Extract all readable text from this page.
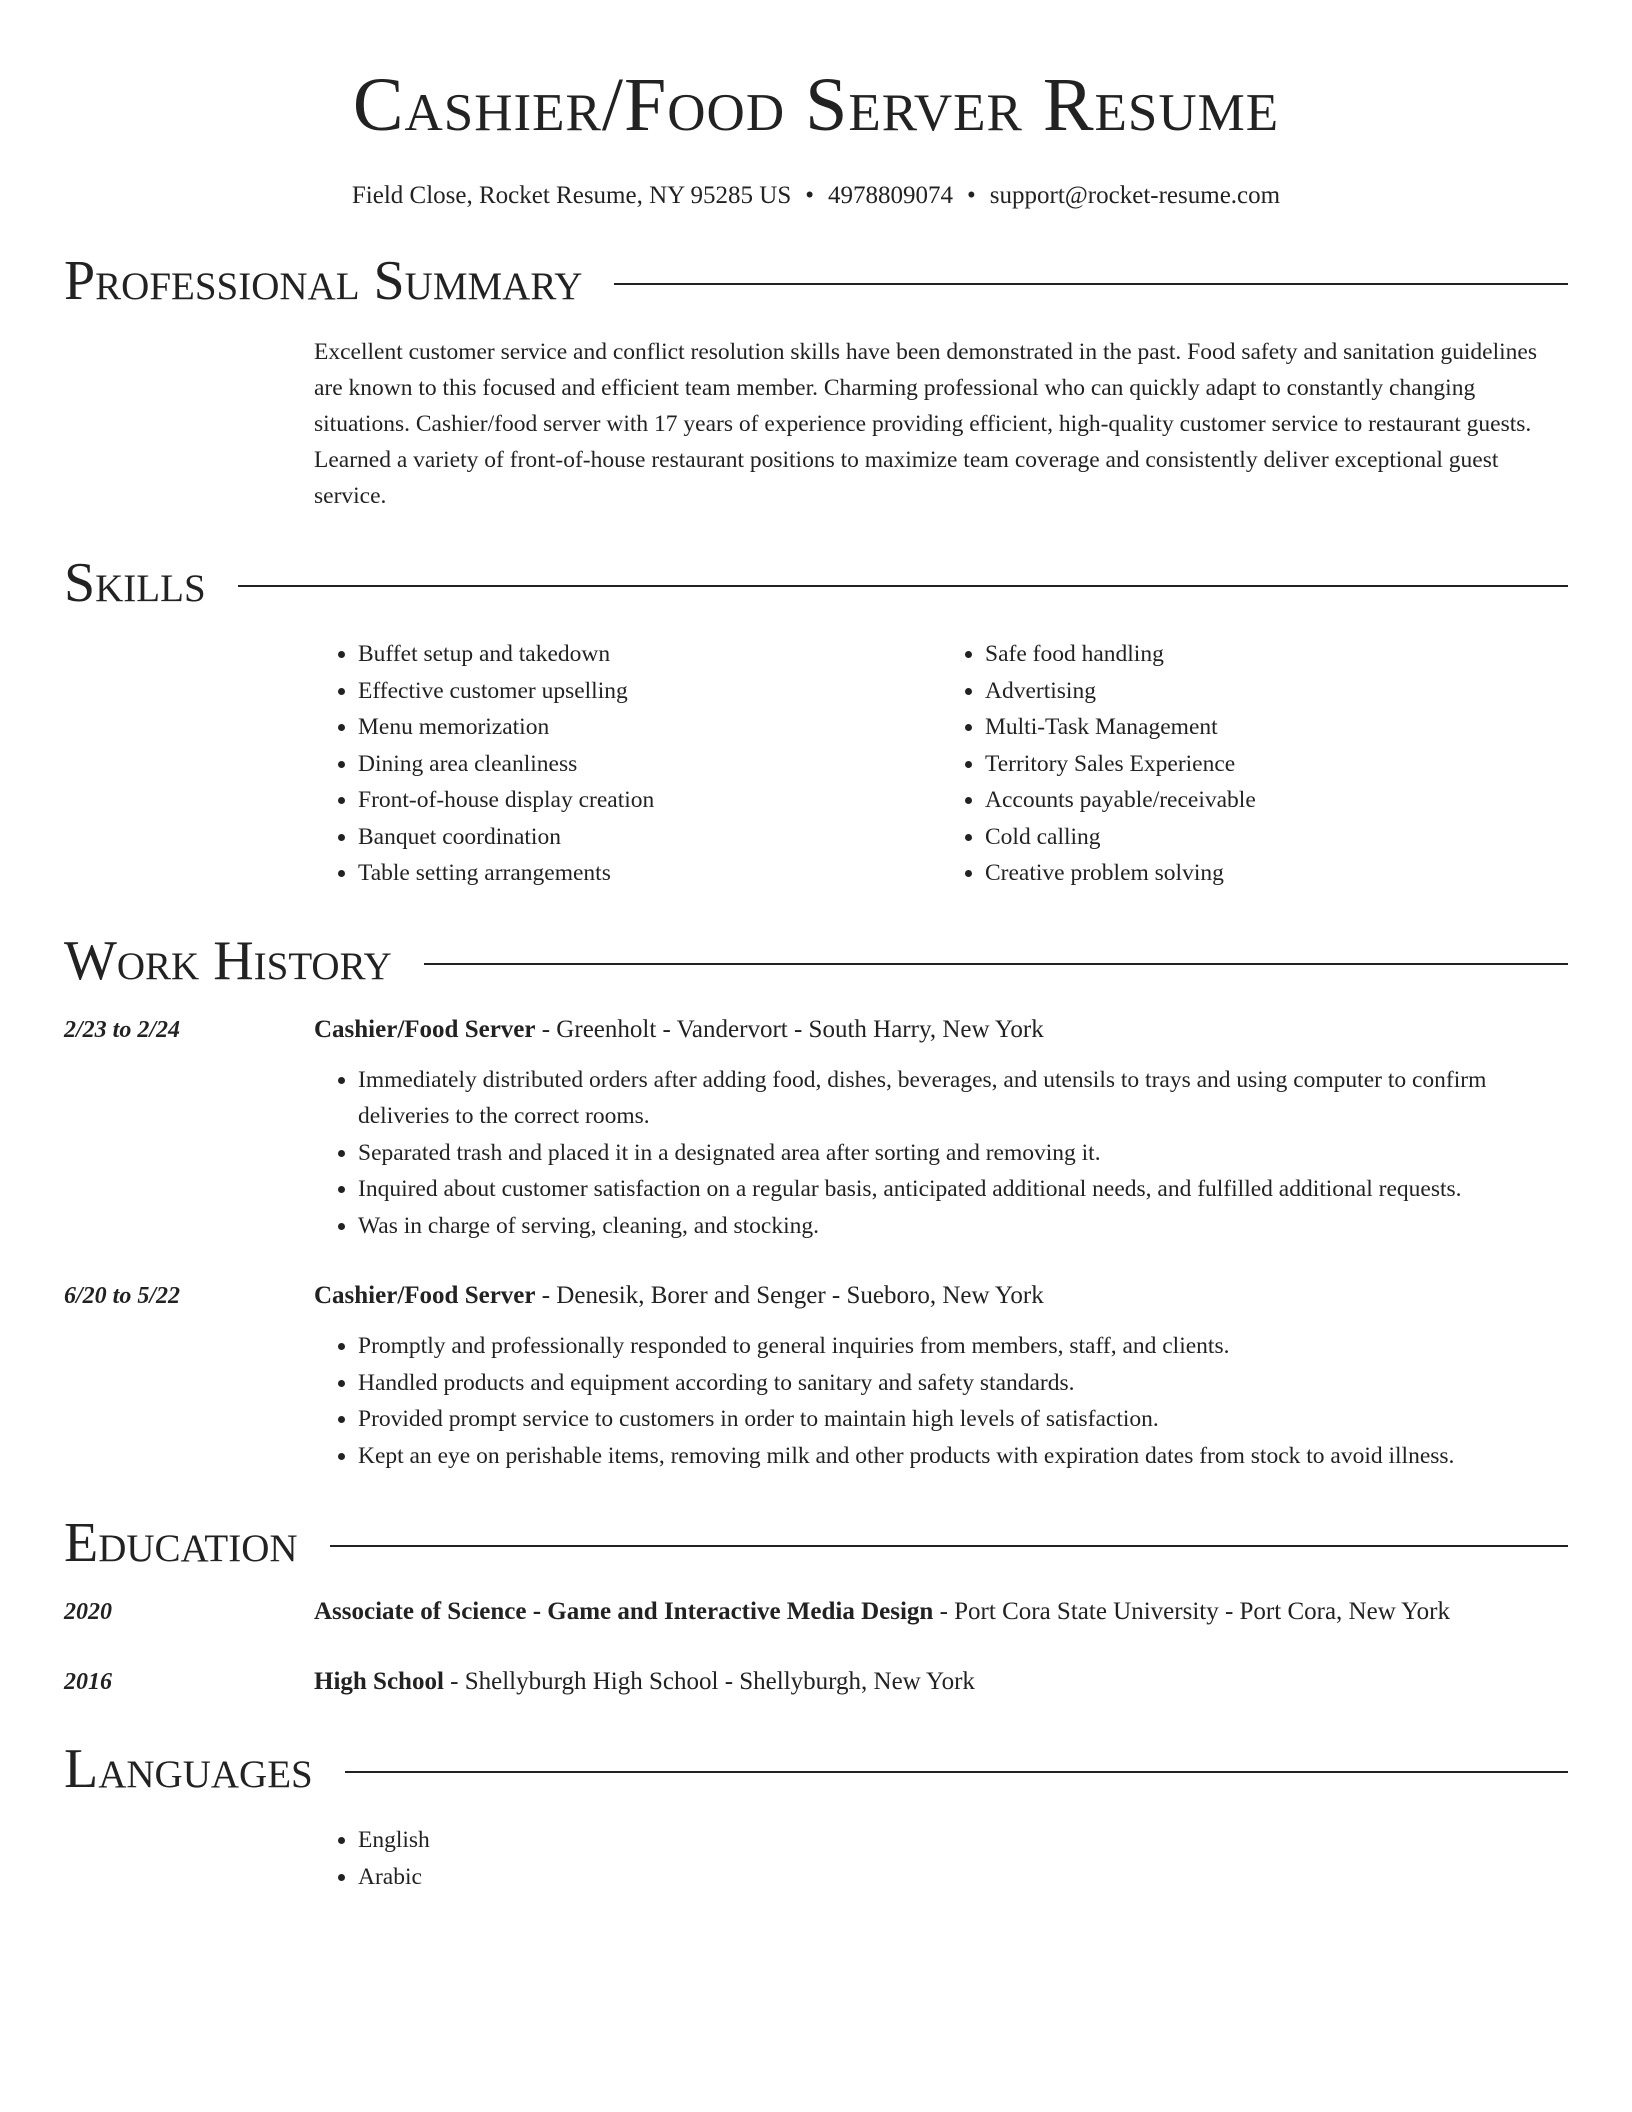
Cashier/Food Server Resume
Field Close, Rocket Resume, NY 95285 US • 4978809074 • support@rocket-resume.com
Professional Summary
Excellent customer service and conflict resolution skills have been demonstrated in the past. Food safety and sanitation guidelines are known to this focused and efficient team member. Charming professional who can quickly adapt to constantly changing situations. Cashier/food server with 17 years of experience providing efficient, high-quality customer service to restaurant guests. Learned a variety of front-of-house restaurant positions to maximize team coverage and consistently deliver exceptional guest service.
Skills
• Buffet setup and takedown
• Effective customer upselling
• Menu memorization
• Dining area cleanliness
• Front-of-house display creation
• Banquet coordination
• Table setting arrangements
• Safe food handling
• Advertising
• Multi-Task Management
• Territory Sales Experience
• Accounts payable/receivable
• Cold calling
• Creative problem solving
Work History
2/23 to 2/24	Cashier/Food Server - Greenholt - Vandervort - South Harry, New York
• Immediately distributed orders after adding food, dishes, beverages, and utensils to trays and using computer to confirm deliveries to the correct rooms.
• Separated trash and placed it in a designated area after sorting and removing it.
• Inquired about customer satisfaction on a regular basis, anticipated additional needs, and fulfilled additional requests.
• Was in charge of serving, cleaning, and stocking.
6/20 to 5/22	Cashier/Food Server - Denesik, Borer and Senger - Sueboro, New York
• Promptly and professionally responded to general inquiries from members, staff, and clients.
• Handled products and equipment according to sanitary and safety standards.
• Provided prompt service to customers in order to maintain high levels of satisfaction.
• Kept an eye on perishable items, removing milk and other products with expiration dates from stock to avoid illness.
Education
2020	Associate of Science - Game and Interactive Media Design - Port Cora State University - Port Cora, New York
2016	High School - Shellyburgh High School - Shellyburgh, New York
Languages
• English
• Arabic
